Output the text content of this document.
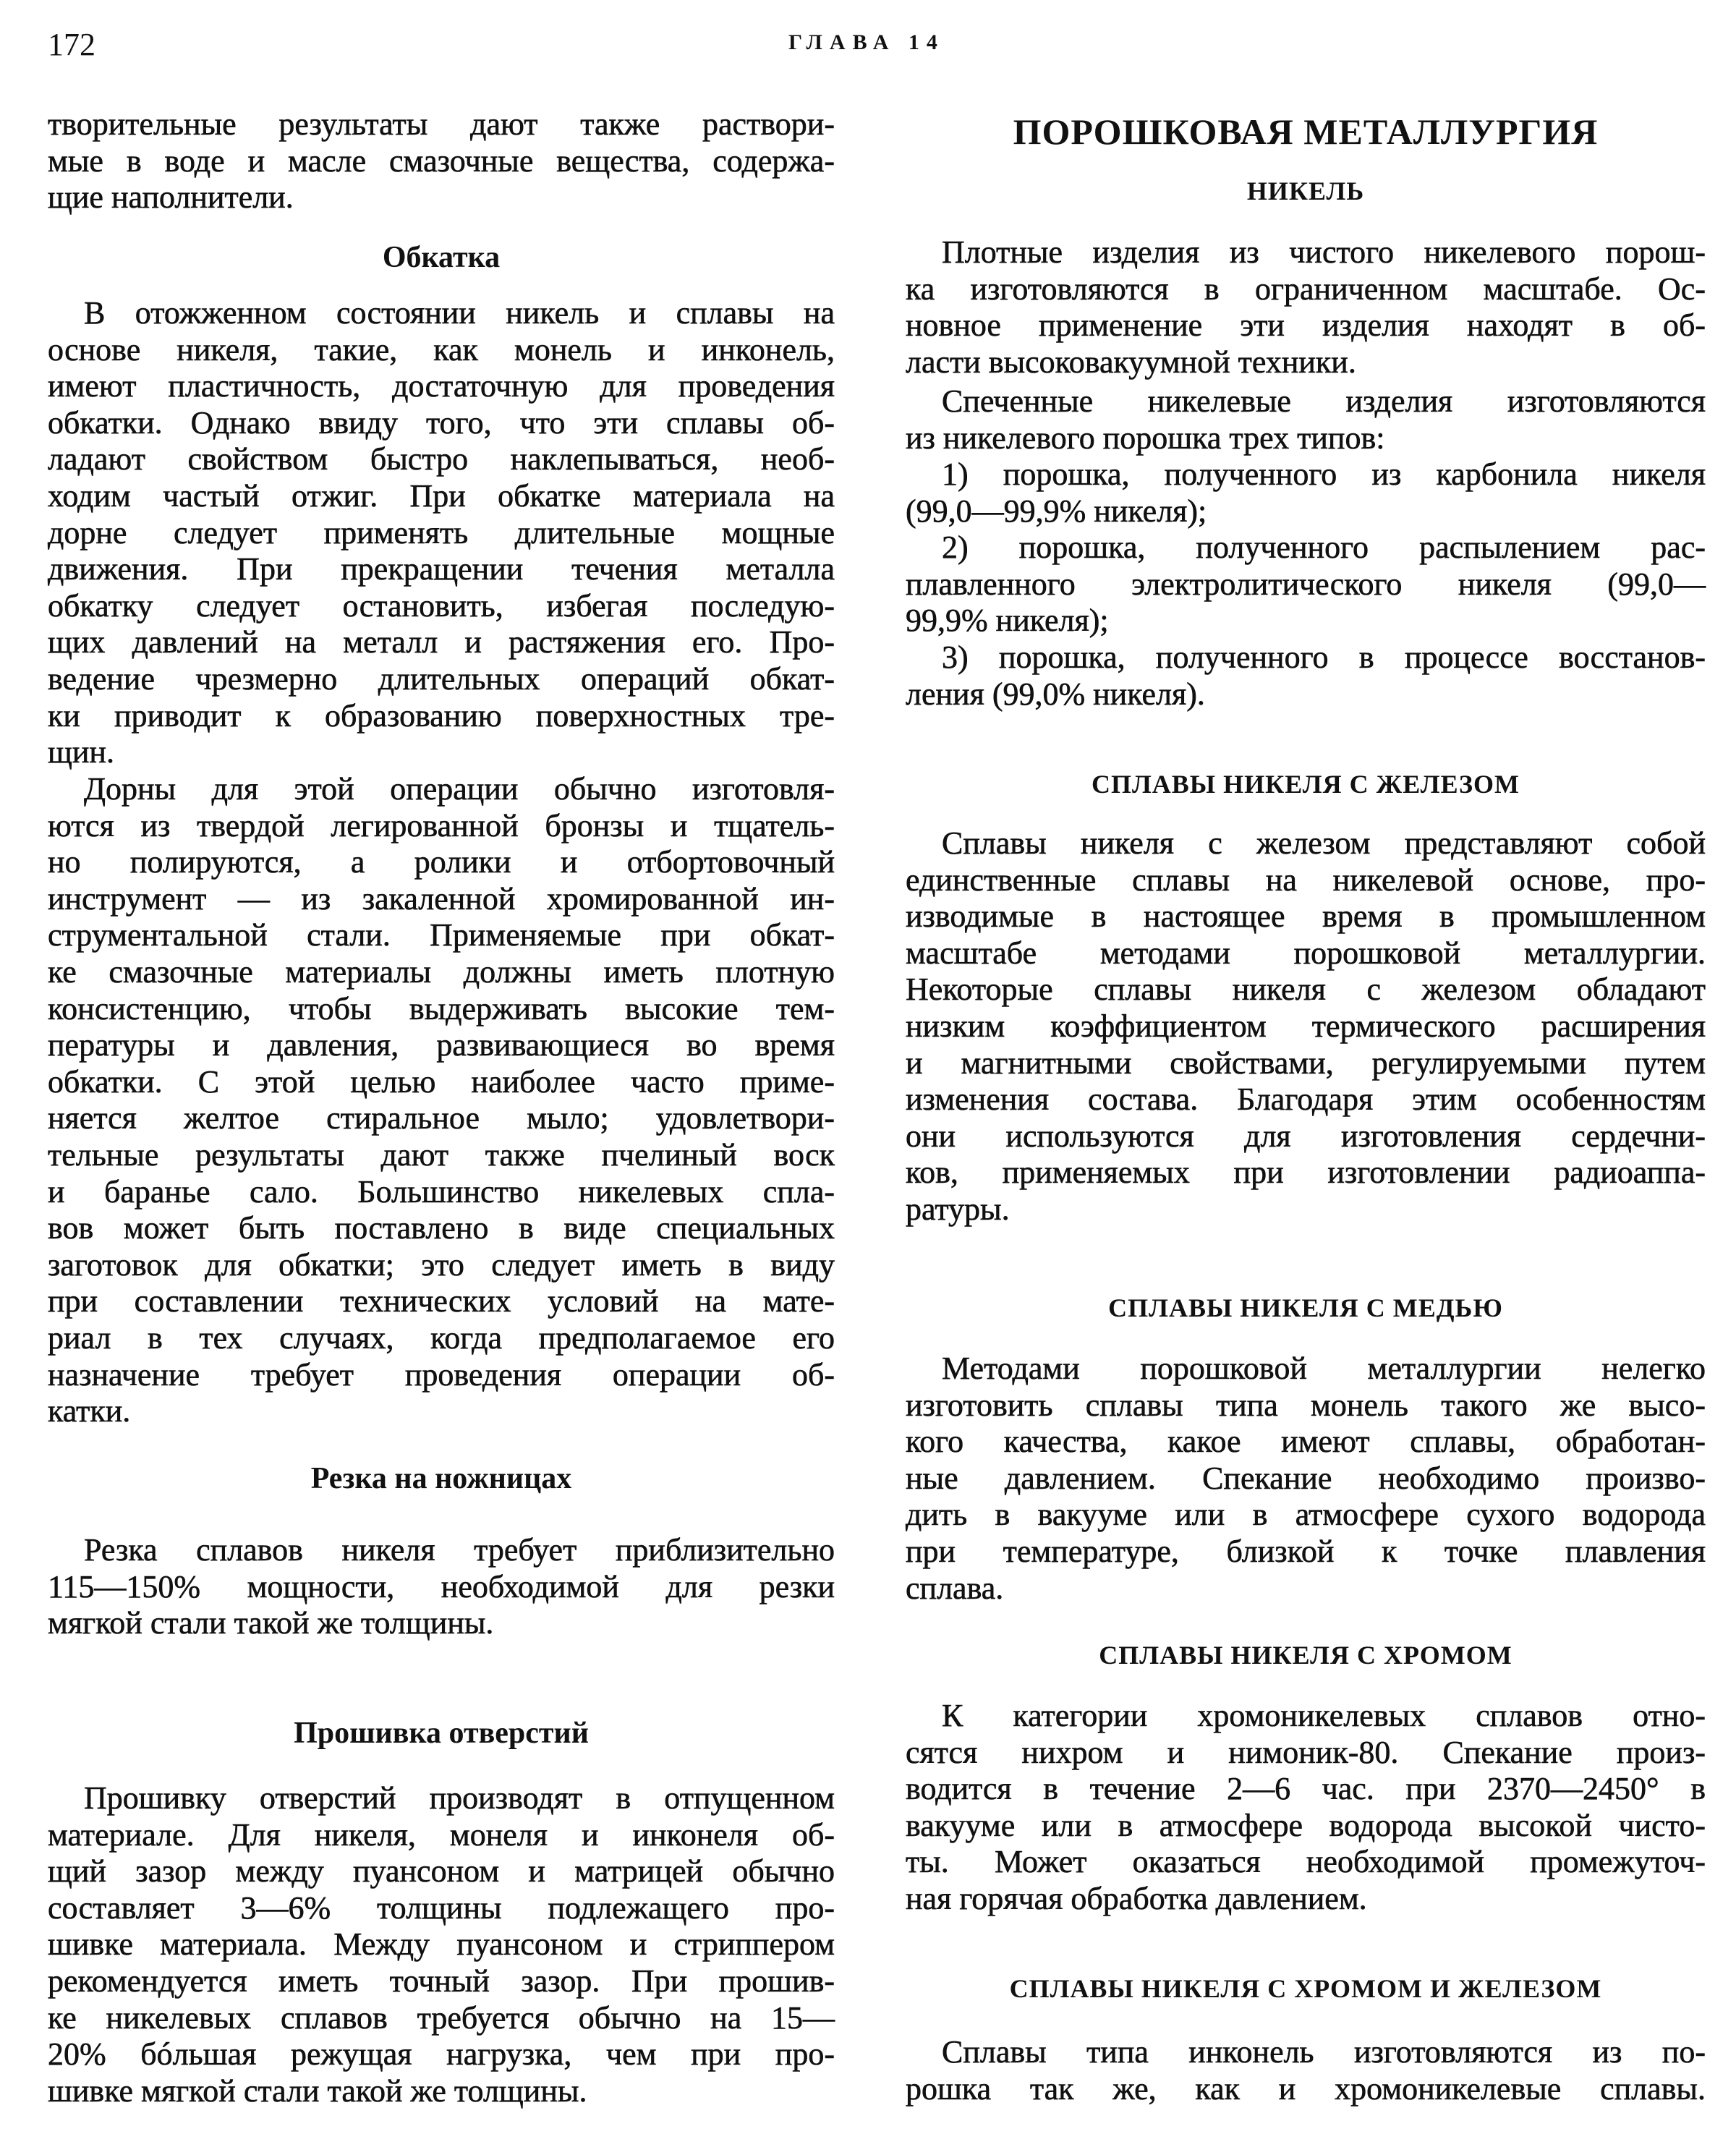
172	ГЛАВА 14
творительные результаты дают также раствори-
мые в воде и масле смазочные вещества, содержа-
щие наполнители.
Обкатка
В отожженном состоянии никель и сплавы на
основе никеля, такие, как монель и инконель,
имеют пластичность, достаточную для проведения
обкатки. Однако ввиду того, что эти сплавы об-
ладают свойством быстро наклепываться, необ-
ходим частый отжиг. При обкатке материала на
дорне следует применять длительные мощные
движения. При прекращении течения металла
обкатку следует остановить, избегая последую-
щих давлений на металл и растяжения его. Про-
ведение чрезмерно длительных операций обкат-
ки приводит к образованию поверхностных тре-
щин.
Дорны для этой операции обычно изготовля-
ются из твердой легированной бронзы и тщатель-
но полируются, а ролики и отбортовочный
инструмент — из закаленной хромированной ин-
струментальной стали. Применяемые при обкат-
ке смазочные материалы должны иметь плотную
консистенцию, чтобы выдерживать высокие тем-
пературы и давления, развивающиеся во время
обкатки. С этой целью наиболее часто приме-
няется желтое стиральное мыло; удовлетвори-
тельные результаты дают также пчелиный воск
и баранье сало. Большинство никелевых спла-
вов может быть поставлено в виде специальных
заготовок для обкатки; это следует иметь в виду
при составлении технических условий на мате-
риал в тех случаях, когда предполагаемое его
назначение требует проведения операции об-
катки.
Резка на ножницах
Резка сплавов никеля требует приблизительно
115—150% мощности, необходимой для резки
мягкой стали такой же толщины.
Прошивка отверстий
Прошивку отверстий производят в отпущенном
материале. Для никеля, монеля и инконеля об-
щий зазор между пуансоном и матрицей обычно
составляет 3—6% толщины подлежащего про-
шивке материала. Между пуансоном и стриппером
рекомендуется иметь точный зазор. При прошив-
ке никелевых сплавов требуется обычно на 15—
20% бóльшая режущая нагрузка, чем при про-
шивке мягкой стали такой же толщины.
ПОРОШКОВАЯ МЕТАЛЛУРГИЯ
НИКЕЛЬ
Плотные изделия из чистого никелевого порош-
ка изготовляются в ограниченном масштабе. Ос-
новное применение эти изделия находят в об-
ласти высоковакуумной техники.
Спеченные никелевые изделия изготовляются
из никелевого порошка трех типов:
1) порошка, полученного из карбонила никеля
(99,0—99,9% никеля);
2) порошка, полученного распылением рас-
плавленного электролитического никеля (99,0—
99,9% никеля);
3) порошка, полученного в процессе восстанов-
ления (99,0% никеля).
СПЛАВЫ НИКЕЛЯ С ЖЕЛЕЗОМ
Сплавы никеля с железом представляют собой
единственные сплавы на никелевой основе, про-
изводимые в настоящее время в промышленном
масштабе методами порошковой металлургии.
Некоторые сплавы никеля с железом обладают
низким коэффициентом термического расширения
и магнитными свойствами, регулируемыми путем
изменения состава. Благодаря этим особенностям
они используются для изготовления сердечни-
ков, применяемых при изготовлении радиоаппа-
ратуры.
СПЛАВЫ НИКЕЛЯ С МЕДЬЮ
Методами порошковой металлургии нелегко
изготовить сплавы типа монель такого же высо-
кого качества, какое имеют сплавы, обработан-
ные давлением. Спекание необходимо произво-
дить в вакууме или в атмосфере сухого водорода
при температуре, близкой к точке плавления
сплава.
СПЛАВЫ НИКЕЛЯ С ХРОМОМ
К категории хромоникелевых сплавов отно-
сятся нихром и нимоник-80. Спекание произ-
водится в течение 2—6 час. при 2370—2450° в
вакууме или в атмосфере водорода высокой чисто-
ты. Может оказаться необходимой промежуточ-
ная горячая обработка давлением.
СПЛАВЫ НИКЕЛЯ С ХРОМОМ И ЖЕЛЕЗОМ
Сплавы типа инконель изготовляются из по-
рошка так же, как и хромоникелевые сплавы.
